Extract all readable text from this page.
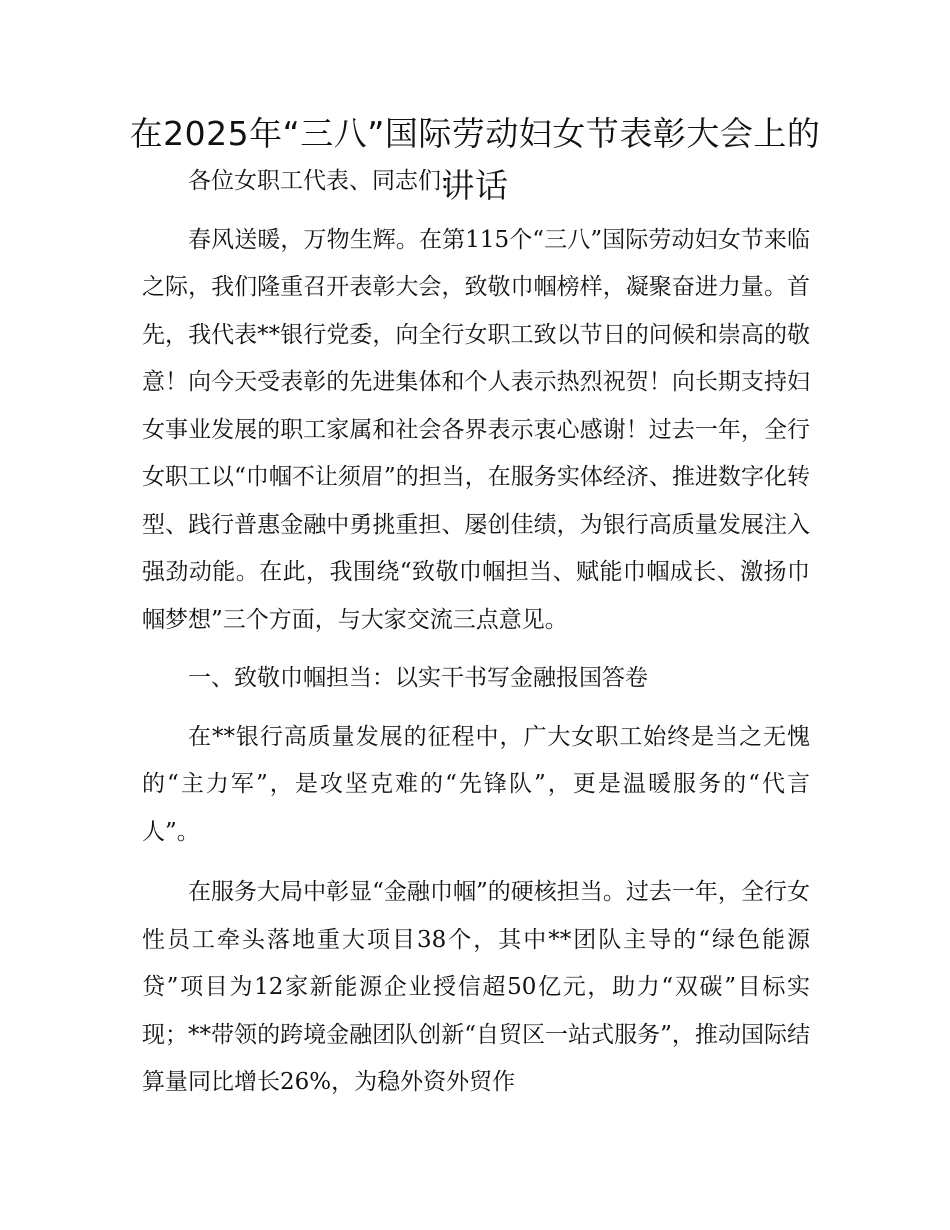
在2025年“三八”国际劳动妇女节表彰大会上的讲话

各位女职工代表、同志们:

春风送暖，万物生辉。在第115个“三八”国际劳动妇女节来临之际，我们隆重召开表彰大会，致敬巾帼榜样，凝聚奋进力量。首先，我代表**银行党委，向全行女职工致以节日的问候和崇高的敬意！向今天受表彰的先进集体和个人表示热烈祝贺！向长期支持妇女事业发展的职工家属和社会各界表示衷心感谢！过去一年，全行女职工以“巾帼不让须眉”的担当，在服务实体经济、推进数字化转型、践行普惠金融中勇挑重担、屡创佳绩，为银行高质量发展注入强劲动能。在此，我围绕“致敬巾帼担当、赋能巾帼成长、激扬巾帼梦想”三个方面，与大家交流三点意见。

一、致敬巾帼担当：以实干书写金融报国答卷

在**银行高质量发展的征程中，广大女职工始终是当之无愧的“主力军”，是攻坚克难的“先锋队”，更是温暖服务的“代言人”。

在服务大局中彰显“金融巾帼”的硬核担当。过去一年，全行女性员工牵头落地重大项目38个，其中**团队主导的“绿色能源贷”项目为12家新能源企业授信超50亿元，助力“双碳”目标实现；**带领的跨境金融团队创新“自贸区一站式服务”，推动国际结算量同比增长26%，为稳外资外贸作
